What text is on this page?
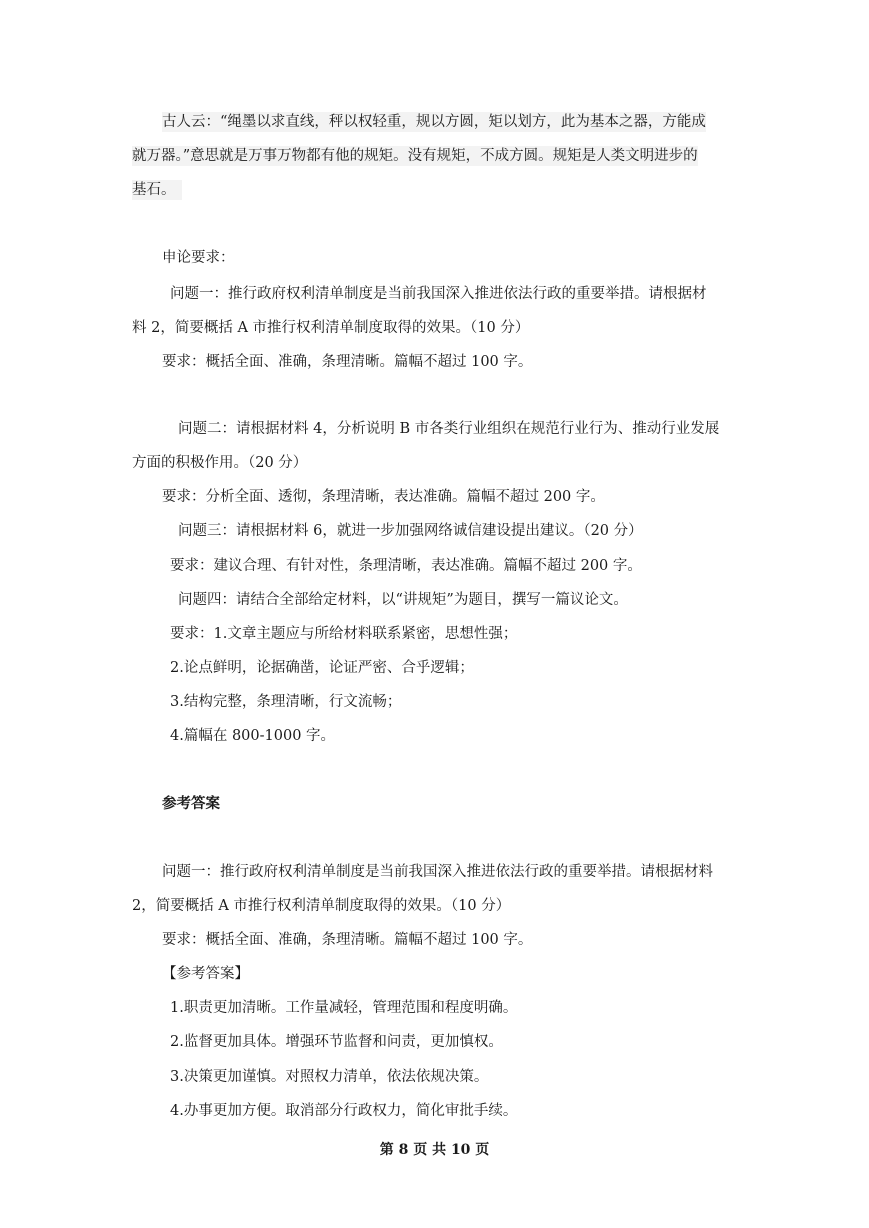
古人云：“绳墨以求直线，秤以权轻重，规以方圆，矩以划方，此为基本之器，方能成
就万器。”意思就是万事万物都有他的规矩。没有规矩，不成方圆。规矩是人类文明进步的
基石。
申论要求：
问题一：推行政府权利清单制度是当前我国深入推进依法行政的重要举措。请根据材
料 2，简要概括 A 市推行权利清单制度取得的效果。（10 分）
要求：概括全面、准确，条理清晰。篇幅不超过 100 字。
问题二：请根据材料 4，分析说明 B 市各类行业组织在规范行业行为、推动行业发展
方面的积极作用。（20 分）
要求：分析全面、透彻，条理清晰，表达准确。篇幅不超过 200 字。
问题三：请根据材料 6，就进一步加强网络诚信建设提出建议。（20 分）
要求：建议合理、有针对性，条理清晰，表达准确。篇幅不超过 200 字。
问题四：请结合全部给定材料，以“讲规矩”为题目，撰写一篇议论文。
要求：1.文章主题应与所给材料联系紧密，思想性强；
2.论点鲜明，论据确凿，论证严密、合乎逻辑；
3.结构完整，条理清晰，行文流畅；
4.篇幅在 800-1000 字。
参考答案
问题一：推行政府权利清单制度是当前我国深入推进依法行政的重要举措。请根据材料
2，简要概括 A 市推行权利清单制度取得的效果。（10 分）
要求：概括全面、准确，条理清晰。篇幅不超过 100 字。
【参考答案】
1.职责更加清晰。工作量减轻，管理范围和程度明确。
2.监督更加具体。增强环节监督和问责，更加慎权。
3.决策更加谨慎。对照权力清单，依法依规决策。
4.办事更加方便。取消部分行政权力，简化审批手续。
第 8 页 共 10 页
